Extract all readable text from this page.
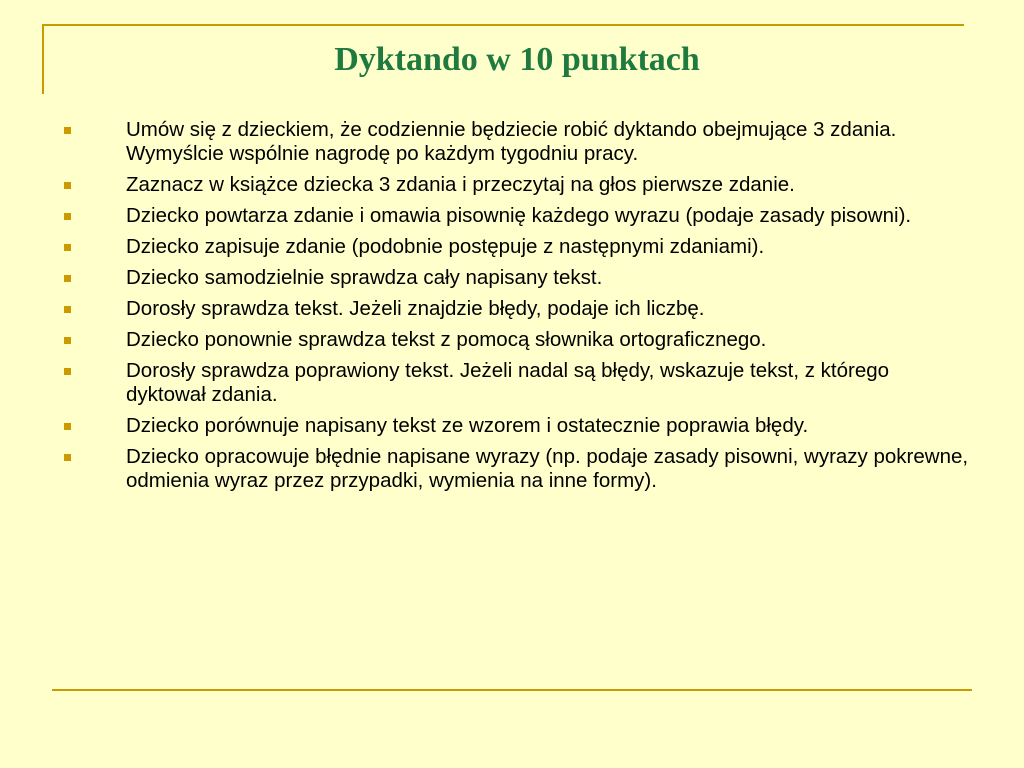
Dyktando w 10 punktach
Umów się z dzieckiem, że codziennie będziecie robić dyktando obejmujące 3 zdania. Wymyślcie wspólnie nagrodę po każdym tygodniu pracy.
Zaznacz w książce dziecka 3 zdania i przeczytaj na głos pierwsze zdanie.
Dziecko powtarza zdanie i omawia pisownię każdego wyrazu (podaje zasady pisowni).
Dziecko zapisuje zdanie (podobnie postępuje z następnymi zdaniami).
Dziecko samodzielnie sprawdza cały napisany tekst.
Dorosły sprawdza tekst. Jeżeli znajdzie błędy, podaje ich liczbę.
Dziecko ponownie sprawdza tekst z pomocą słownika ortograficznego.
Dorosły sprawdza poprawiony tekst. Jeżeli nadal są błędy, wskazuje tekst, z którego dyktował zdania.
Dziecko porównuje napisany tekst ze wzorem i ostatecznie poprawia błędy.
Dziecko opracowuje błędnie napisane wyrazy (np. podaje zasady pisowni, wyrazy pokrewne, odmienia wyraz przez przypadki, wymienia na inne formy).
